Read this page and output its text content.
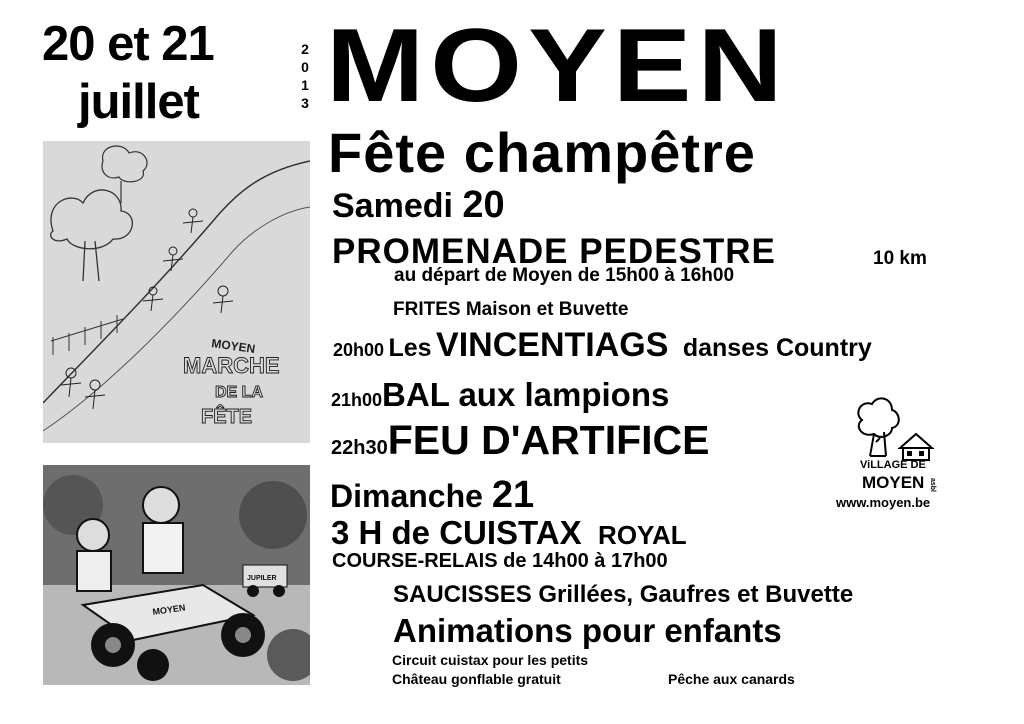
20 et 21
juillet
2
0
1
3 MOYEN
Fête champêtre
Samedi 20
PROMENADE PEDESTRE	10 km
au départ de Moyen de 15h00 à 16h00
FRITES Maison et Buvette
20h00 Les VINCENTIAGS danses Country
21h00BAL aux lampions
22h30FEU D'ARTIFICE
Dimanche 21
3 H de CUISTAX ROYAL
COURSE-RELAIS de 14h00 à 17h00
SAUCISSES Grillées, Gaufres et Buvette
Animations pour enfants
Circuit cuistax pour les petits
Château gonflable gratuit	Pêche aux canards
ViLLAGE DE
MOYEN asbl
www.moyen.be
MOYEN
MARCHE
DE LA
FÊTE
MOYEN
JUPILER
